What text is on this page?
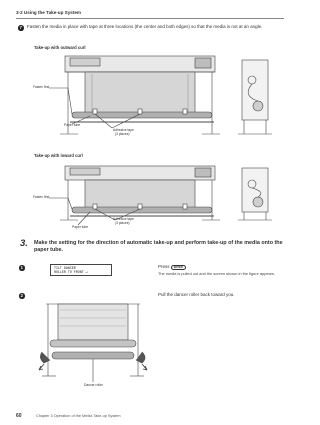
3-2 Using the Take-up System
7	Fasten the media in place with tape at three locations (the center and both edges) so that the media is not at an angle.
Take-up with outward curl
Fasten first
Paper tube
Adhesive tape
(3 places)
Take-up with inward curl
Fasten first
Paper tube
Adhesive tape
(3 places)
3. Make the setting for the direction of automatic take-up and perform take-up of the media onto the paper tube.
1	TILT DANCER
ROLLER TO FRONT ↵
Press ENTER
The media is pulled out and the screen shown in the figure appears.
2	Pull the dancer roller back toward you.
Dancer roller
60	Chapter 3 Operation of the Media Take-up System
